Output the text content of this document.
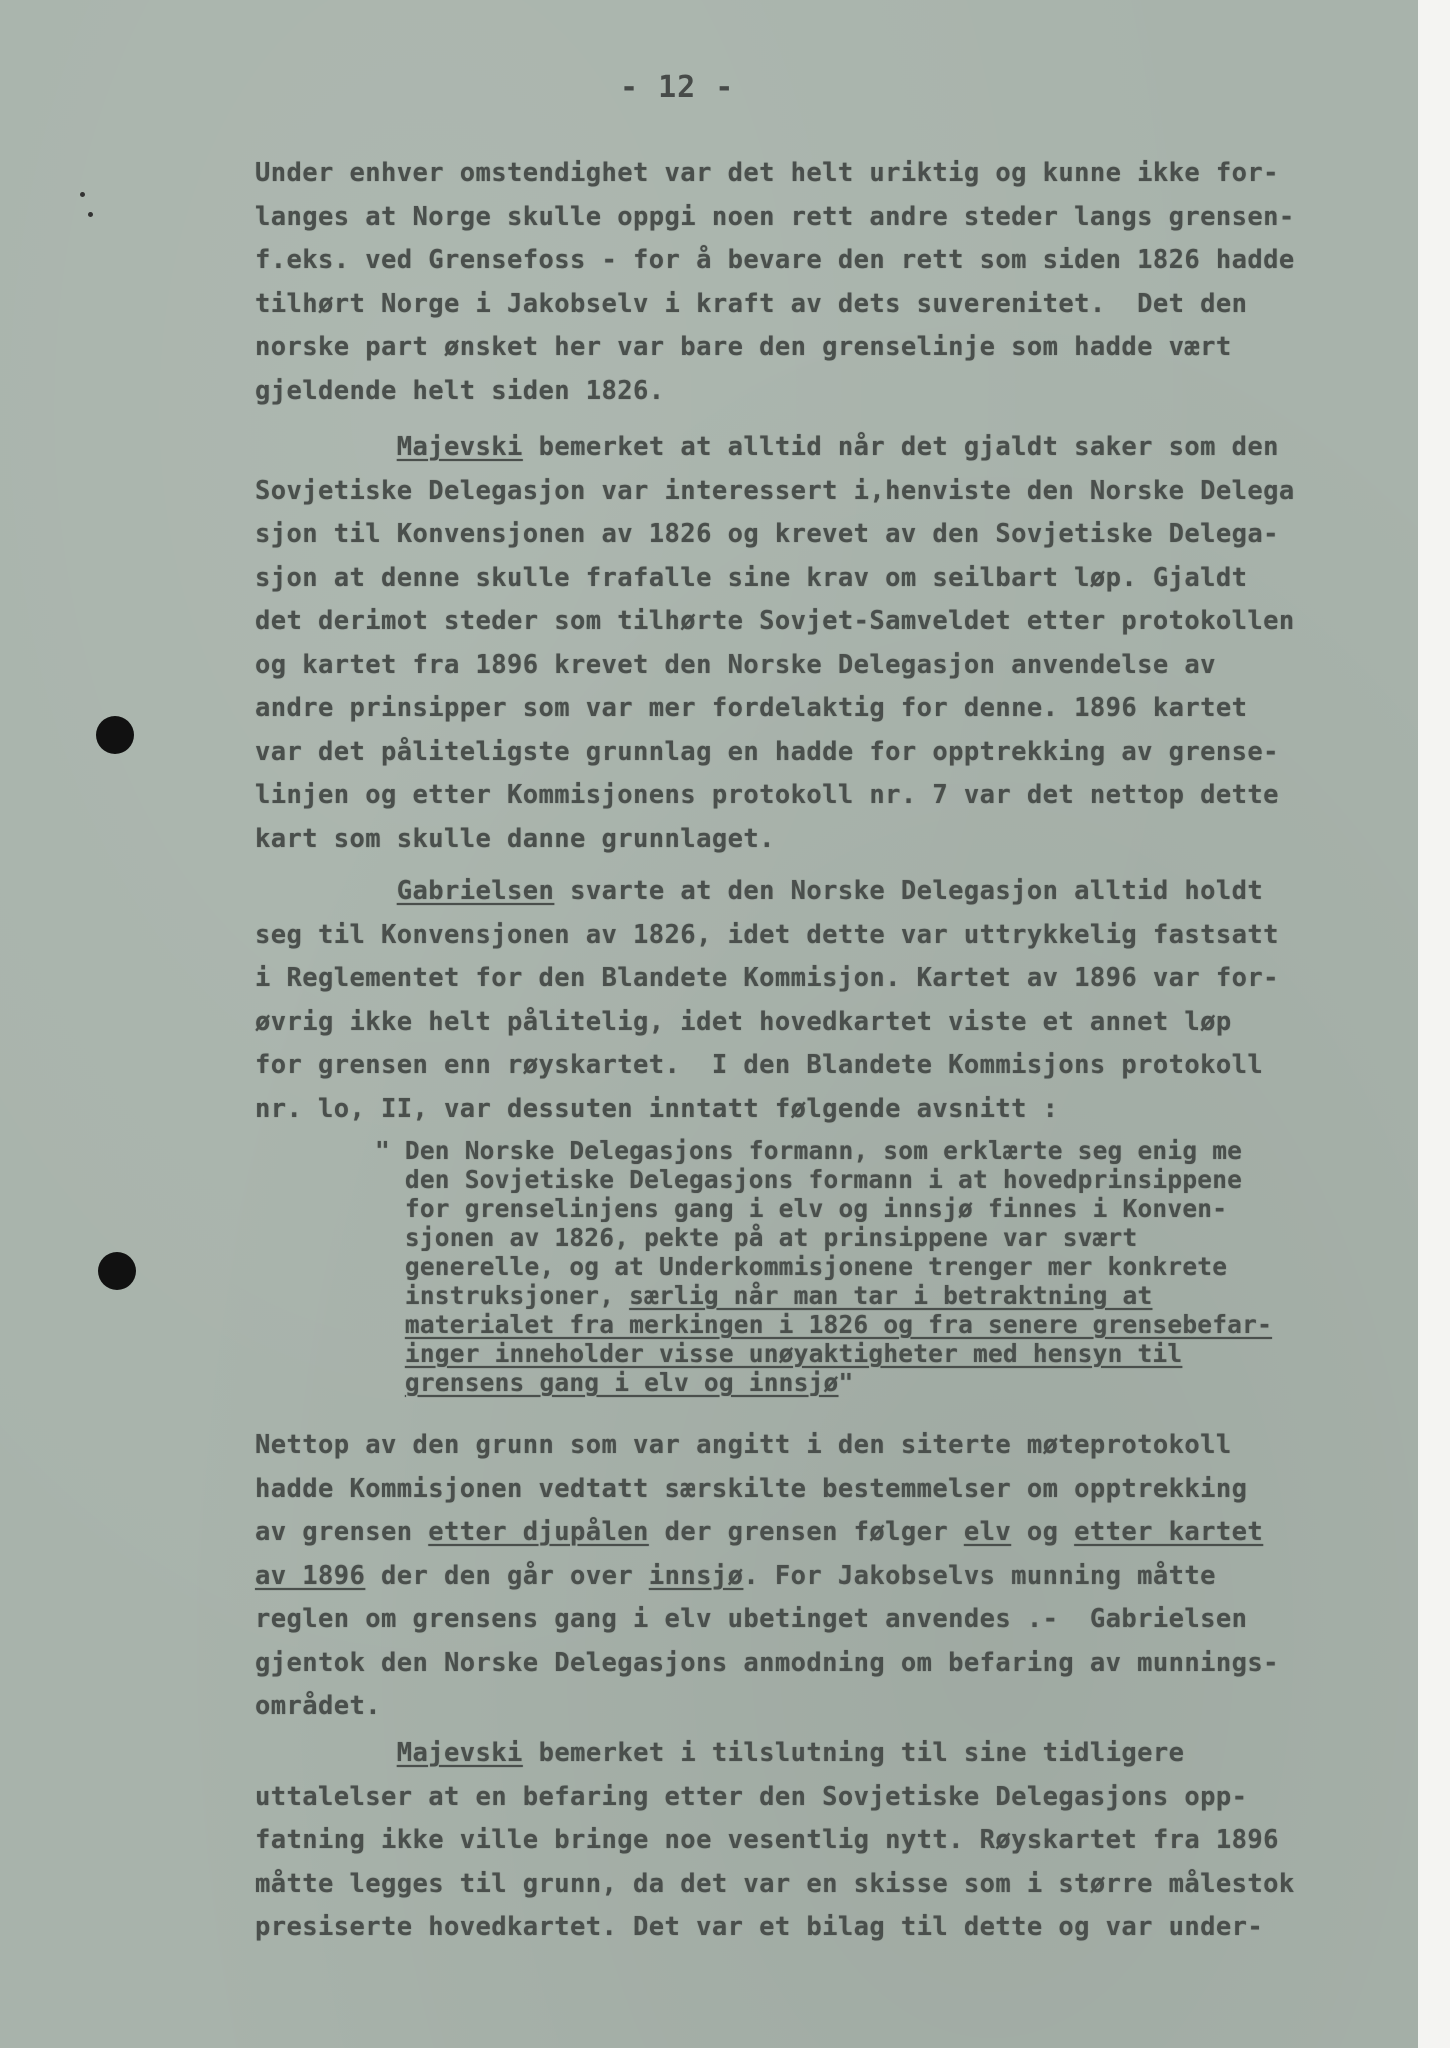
- 12 -
Under enhver omstendighet var det helt uriktig og kunne ikke for-
langes at Norge skulle oppgi noen rett andre steder langs grensen-
f.eks. ved Grensefoss - for å bevare den rett som siden 1826 hadde
tilhørt Norge i Jakobselv i kraft av dets suverenitet.  Det den
norske part ønsket her var bare den grenselinje som hadde vært
gjeldende helt siden 1826.
Majevski bemerket at alltid når det gjaldt saker som den
Sovjetiske Delegasjon var interessert i,henviste den Norske Delega
sjon til Konvensjonen av 1826 og krevet av den Sovjetiske Delega-
sjon at denne skulle frafalle sine krav om seilbart løp. Gjaldt
det derimot steder som tilhørte Sovjet-Samveldet etter protokollen
og kartet fra 1896 krevet den Norske Delegasjon anvendelse av
andre prinsipper som var mer fordelaktig for denne. 1896 kartet
var det påliteligste grunnlag en hadde for opptrekking av grense-
linjen og etter Kommisjonens protokoll nr. 7 var det nettop dette
kart som skulle danne grunnlaget.
Gabrielsen svarte at den Norske Delegasjon alltid holdt
seg til Konvensjonen av 1826, idet dette var uttrykkelig fastsatt
i Reglementet for den Blandete Kommisjon. Kartet av 1896 var for-
øvrig ikke helt pålitelig, idet hovedkartet viste et annet løp
for grensen enn røyskartet.  I den Blandete Kommisjons protokoll
nr. lo, II, var dessuten inntatt følgende avsnitt :
" Den Norske Delegasjons formann, som erklærte seg enig me
den Sovjetiske Delegasjons formann i at hovedprinsippene
for grenselinjens gang i elv og innsjø finnes i Konven-
sjonen av 1826, pekte på at prinsippene var svært
generelle, og at Underkommisjonene trenger mer konkrete
instruksjoner, særlig når man tar i betraktning at
materialet fra merkingen i 1826 og fra senere grensebefar-
inger inneholder visse unøyaktigheter med hensyn til
grensens gang i elv og innsjø"
Nettop av den grunn som var angitt i den siterte møteprotokoll
hadde Kommisjonen vedtatt særskilte bestemmelser om opptrekking
av grensen etter djupålen der grensen følger elv og etter kartet
av 1896 der den går over innsjø. For Jakobselvs munning måtte
reglen om grensens gang i elv ubetinget anvendes .-  Gabrielsen
gjentok den Norske Delegasjons anmodning om befaring av munnings-
området.
Majevski bemerket i tilslutning til sine tidligere
uttalelser at en befaring etter den Sovjetiske Delegasjons opp-
fatning ikke ville bringe noe vesentlig nytt. Røyskartet fra 1896
måtte legges til grunn, da det var en skisse som i større målestok
presiserte hovedkartet. Det var et bilag til dette og var under-
